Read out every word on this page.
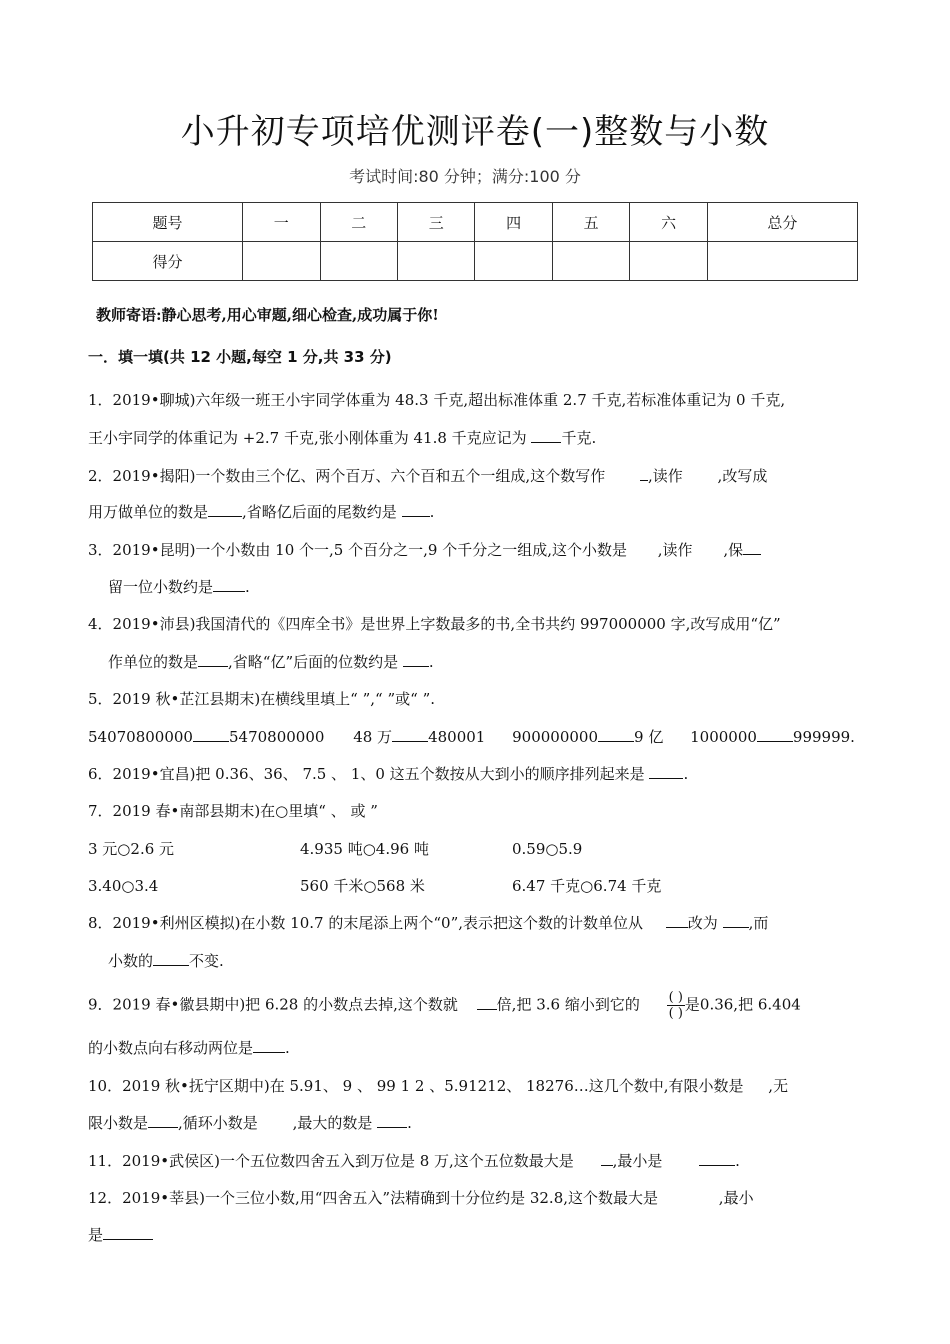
小升初专项培优测评卷(一)整数与小数
考试时间:80 分钟；满分:100 分
题号	一	二	三	四	五	六	总分
得分							
教师寄语:静心思考,用心审题,细心检查,成功属于你!
一．填一填(共 12 小题,每空 1 分,共 33 分)
1．2019•聊城)六年级一班王小宇同学体重为 48.3 千克,超出标准体重 2.7 千克,若标准体重记为 0 千克,
王小宇同学的体重记为 +2.7 千克,张小刚体重为 41.8 千克应记为 千克.
2．2019•揭阳)一个数由三个亿、两个百万、六个百和五个一组成,这个数写作	,读作 ,改写成
用万做单位的数是 ,省略亿后面的尾数约是 .
3．2019•昆明)一个小数由 10 个一,5 个百分之一,9 个千分之一组成,这个小数是 ,读作 ,保
留一位小数约是 .
4．2019•沛县)我国清代的《四库全书》是世界上字数最多的书,全书共约 997000000 字,改写成用“亿”
作单位的数是 ,省略“亿”后面的位数约是 .
5．2019 秋•芷江县期末)在横线里填上“ ”,“ ”或“ ”.
54070800000 5470800000 48 万 480001 900000000 9 亿 1000000 999999.
6．2019•宜昌)把 0.36、36、 7.5 、 1、0 这五个数按从大到小的顺序排列起来是	.
7．2019 春•南部县期末)在○里填“ 、 或 ”
3 元○2.6 元	4.935 吨○4.96 吨	0.59○5.9
3.40○3.4	560 千米○568 米	6.47 千克○6.74 千克
8．2019•利州区模拟)在小数 10.7 的末尾添上两个“0”,表示把这个数的计数单位从	改为 ,而
小数的 不变.
9．2019 春•徽县期中)把 6.28 的小数点去掉,这个数就	倍,把 3.6 缩小到它的 $\frac{( )}{( )}$ 是0.36,把 6.404
的小数点向右移动两位是 .
10．2019 秋•抚宁区期中)在 5.91、 9 、 99 1 2 、5.91212、 18276…这几个数中,有限小数是 ,无
限小数是 ,循环小数是 ,最大的数是 .
11．2019•武侯区)一个五位数四舍五入到万位是 8 万,这个五位数最大是	,最小是	.
12．2019•莘县)一个三位小数,用“四舍五入”法精确到十分位约是 32.8,这个数最大是	,最小
是
